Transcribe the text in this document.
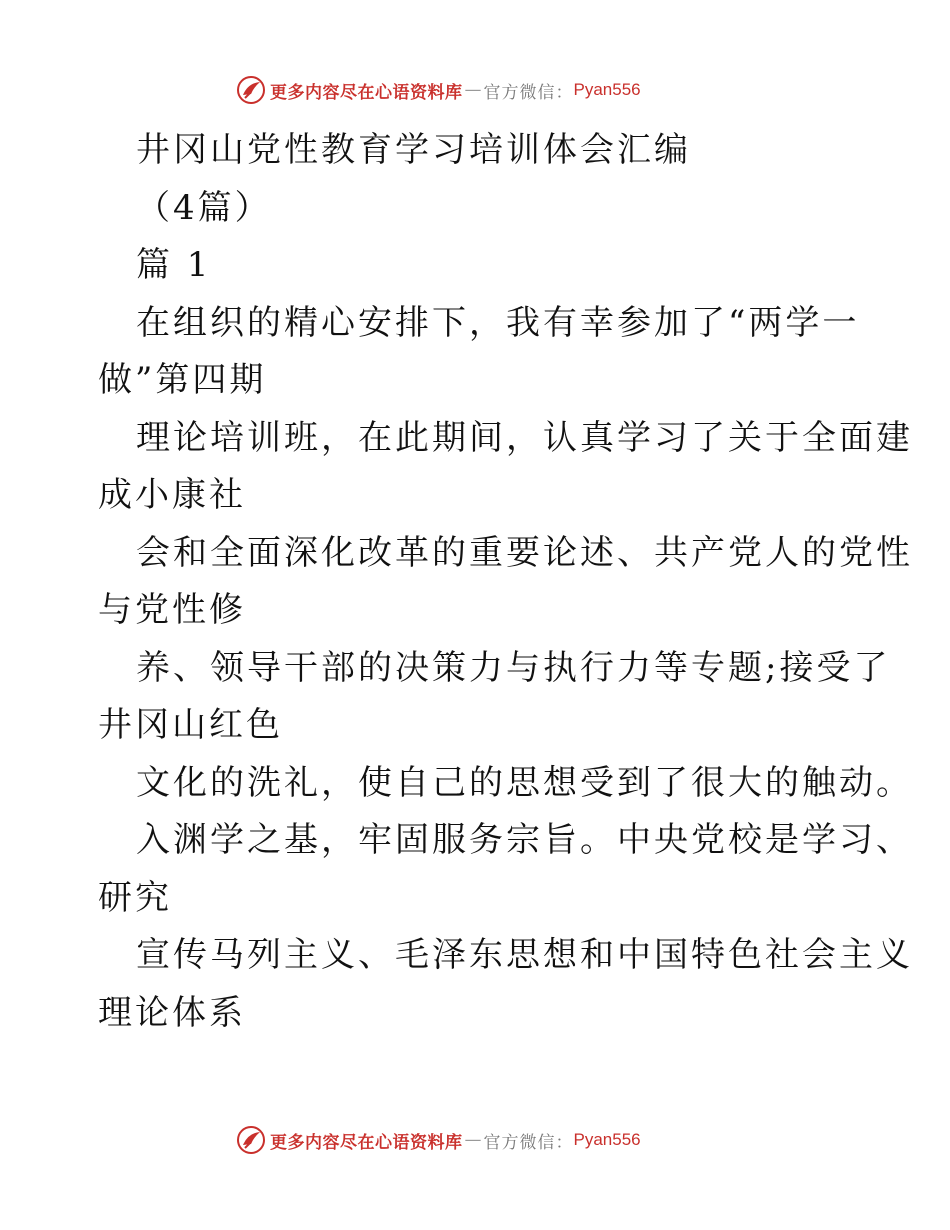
更多内容尽在心语资料库 — 官方微信： Pyan556
井冈山党性教育学习培训体会汇编
（4篇）
篇 1
在组织的精心安排下，我有幸参加了“两学一
做”第四期
理论培训班，在此期间，认真学习了关于全面建
成小康社
会和全面深化改革的重要论述、共产党人的党性
与党性修
养、领导干部的决策力与执行力等专题;接受了
井冈山红色
文化的洗礼，使自己的思想受到了很大的触动。
入渊学之基，牢固服务宗旨。中央党校是学习、
研究
宣传马列主义、毛泽东思想和中国特色社会主义
理论体系
更多内容尽在心语资料库 — 官方微信： Pyan556
